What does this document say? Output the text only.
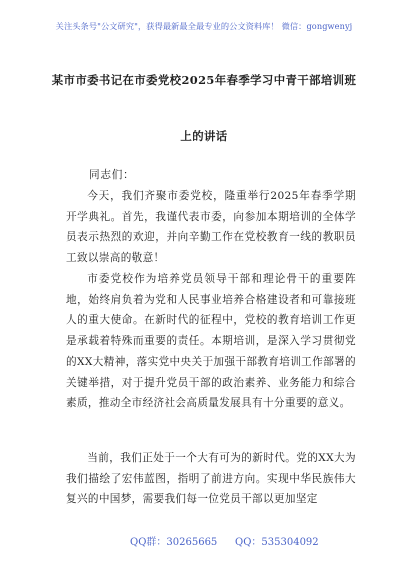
关注头条号"公文研究"，获得最新最全最专业的公文资料库！ 微信：gongwenyj
某市市委书记在市委党校2025年春季学习中青干部培训班
上的讲话
同志们：
今天，我们齐聚市委党校，隆重举行2025年春季学期开学典礼。首先，我谨代表市委，向参加本期培训的全体学员表示热烈的欢迎，并向辛勤工作在党校教育一线的教职员工致以崇高的敬意！
市委党校作为培养党员领导干部和理论骨干的重要阵地，始终肩负着为党和人民事业培养合格建设者和可靠接班人的重大使命。在新时代的征程中，党校的教育培训工作更是承载着特殊而重要的责任。本期培训，是深入学习贯彻党的XX大精神，落实党中央关于加强干部教育培训工作部署的关键举措，对于提升党员干部的政治素养、业务能力和综合素质，推动全市经济社会高质量发展具有十分重要的意义。
当前，我们正处于一个大有可为的新时代。党的XX大为我们描绘了宏伟蓝图，指明了前进方向。实现中华民族伟大复兴的中国梦，需要我们每一位党员干部以更加坚定
QQ群：30265665 QQ：535304092
